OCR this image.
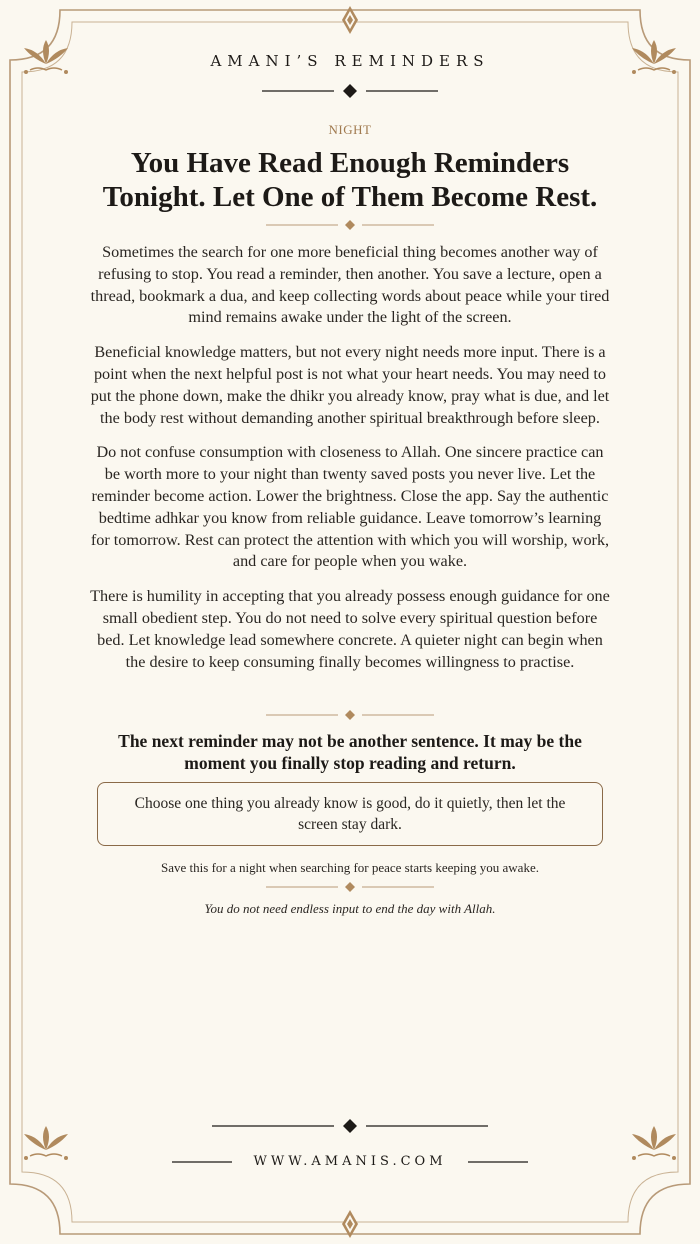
AMANI’S REMINDERS
NIGHT
You Have Read Enough Reminders
Tonight. Let One of Them Become Rest.

Sometimes the search for one more beneficial thing becomes another way of refusing to stop. You read a reminder, then another. You save a lecture, open a thread, bookmark a dua, and keep collecting words about peace while your tired mind remains awake under the light of the screen.

Beneficial knowledge matters, but not every night needs more input. There is a point when the next helpful post is not what your heart needs. You may need to put the phone down, make the dhikr you already know, pray what is due, and let the body rest without demanding another spiritual breakthrough before sleep.

Do not confuse consumption with closeness to Allah. One sincere practice can be worth more to your night than twenty saved posts you never live. Let the reminder become action. Lower the brightness. Close the app. Say the authentic bedtime adhkar you know from reliable guidance. Leave tomorrow’s learning for tomorrow. Rest can protect the attention with which you will worship, work, and care for people when you wake.

There is humility in accepting that you already possess enough guidance for one small obedient step. You do not need to solve every spiritual question before bed. Let knowledge lead somewhere concrete. A quieter night can begin when the desire to keep consuming finally becomes willingness to practise.

The next reminder may not be another sentence. It may be the moment you finally stop reading and return.
Choose one thing you already know is good, do it quietly, then let the screen stay dark.
Save this for a night when searching for peace starts keeping you awake.
You do not need endless input to end the day with Allah.
WWW.AMANIS.COM
